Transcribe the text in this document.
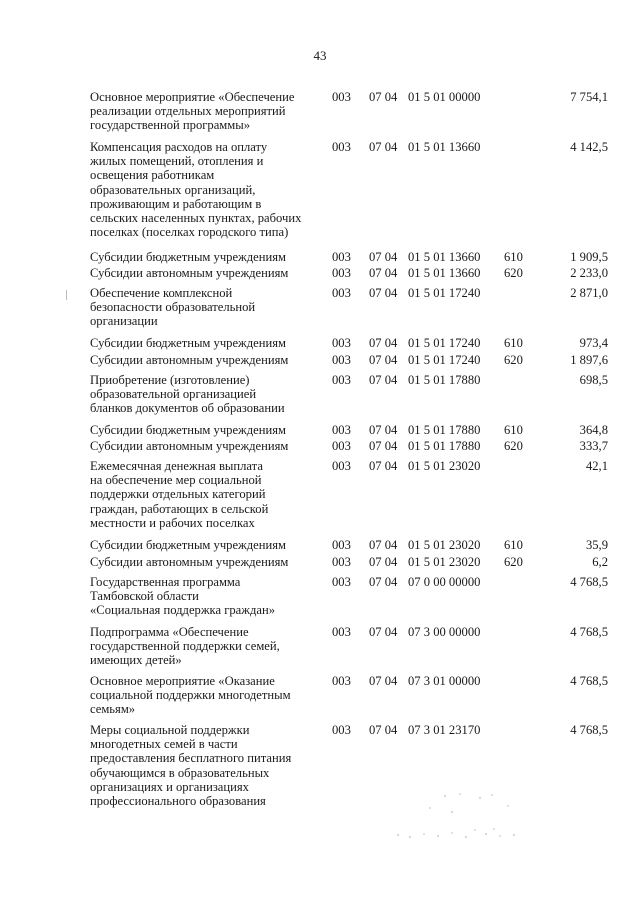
43
Основное мероприятие «Обеспечение
реализации отдельных мероприятий
государственной программы»
003 07 04 01 5 01 00000	7 754,1
Компенсация расходов на оплату
жилых помещений, отопления и
освещения работникам
образовательных организаций,
проживающим и работающим в
сельских населенных пунктах, рабочих
поселках (поселках городского типа)
003 07 04 01 5 01 13660	4 142,5
Субсидии бюджетным учреждениям	003 07 04 01 5 01 13660 610	1 909,5
Субсидии автономным учреждениям	003 07 04 01 5 01 13660 620	2 233,0
Обеспечение комплексной
безопасности образовательной
организации
003 07 04 01 5 01 17240	2 871,0
Субсидии бюджетным учреждениям	003 07 04 01 5 01 17240 610	973,4
Субсидии автономным учреждениям	003 07 04 01 5 01 17240 620	1 897,6
Приобретение (изготовление)
образовательной организацией
бланков документов об образовании
003 07 04 01 5 01 17880	698,5
Субсидии бюджетным учреждениям	003 07 04 01 5 01 17880 610	364,8
Субсидии автономным учреждениям	003 07 04 01 5 01 17880 620	333,7
Ежемесячная денежная выплата
на обеспечение мер социальной
поддержки отдельных категорий
граждан, работающих в сельской
местности и рабочих поселках
003 07 04 01 5 01 23020	42,1
Субсидии бюджетным учреждениям	003 07 04 01 5 01 23020 610	35,9
Субсидии автономным учреждениям	003 07 04 01 5 01 23020 620	6,2
Государственная программа
Тамбовской области
«Социальная поддержка граждан»
003 07 04 07 0 00 00000	4 768,5
Подпрограмма «Обеспечение
государственной поддержки семей,
имеющих детей»
003 07 04 07 3 00 00000	4 768,5
Основное мероприятие «Оказание
социальной поддержки многодетным
семьям»
003 07 04 07 3 01 00000	4 768,5
Меры социальной поддержки
многодетных семей в части
предоставления бесплатного питания
обучающимся в образовательных
организациях и организациях
профессионального образования
003 07 04 07 3 01 23170	4 768,5
